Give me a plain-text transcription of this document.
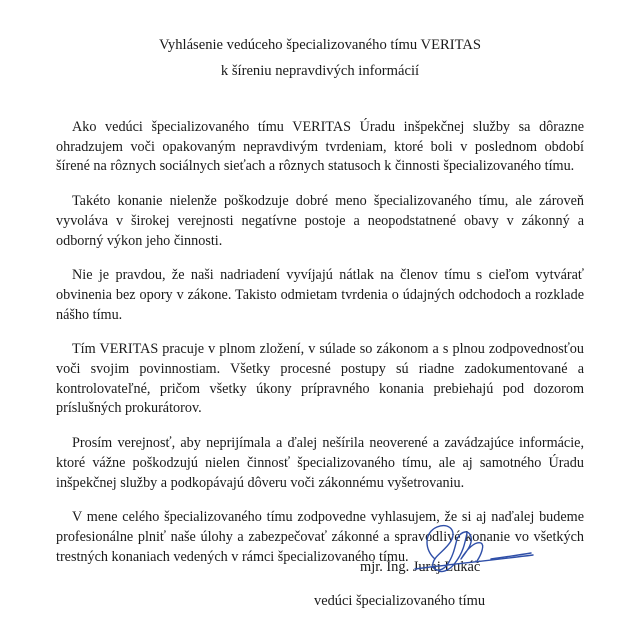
Vyhlásenie vedúceho špecializovaného tímu VERITAS

k šíreniu nepravdivých informácií

Ako vedúci špecializovaného tímu VERITAS Úradu inšpekčnej služby sa dôrazne ohradzujem voči opakovaným nepravdivým tvrdeniam, ktoré boli v poslednom období šírené na rôznych sociálnych sieťach a rôznych statusoch k činnosti špecializovaného tímu.

Takéto konanie nielenže poškodzuje dobré meno špecializovaného tímu, ale zároveň vyvoláva v širokej verejnosti negatívne postoje a neopodstatnené obavy v zákonný a odborný výkon jeho činnosti.

Nie je pravdou, že naši nadriadení vyvíjajú nátlak na členov tímu s cieľom vytvárať obvinenia bez opory v zákone. Takisto odmietam tvrdenia o údajných odchodoch a rozklade nášho tímu.

Tím VERITAS pracuje v plnom zložení, v súlade so zákonom a s plnou zodpovednosťou voči svojim povinnostiam. Všetky procesné postupy sú riadne zadokumentované a kontrolovateľné, pričom všetky úkony prípravného konania prebiehajú pod dozorom príslušných prokurátorov.

Prosím verejnosť, aby neprijímala a ďalej nešírila neoverené a zavádzajúce informácie, ktoré vážne poškodzujú nielen činnosť špecializovaného tímu, ale aj samotného Úradu inšpekčnej služby a podkopávajú dôveru voči zákonnému vyšetrovaniu.

V mene celého špecializovaného tímu zodpovedne vyhlasujem, že si aj naďalej budeme profesionálne plniť naše úlohy a zabezpečovať zákonné a spravodlivé konanie vo všetkých trestných konaniach vedených v rámci špecializovaného tímu.

mjr. Ing. Juraj Lukáč

vedúci špecializovaného tímu
